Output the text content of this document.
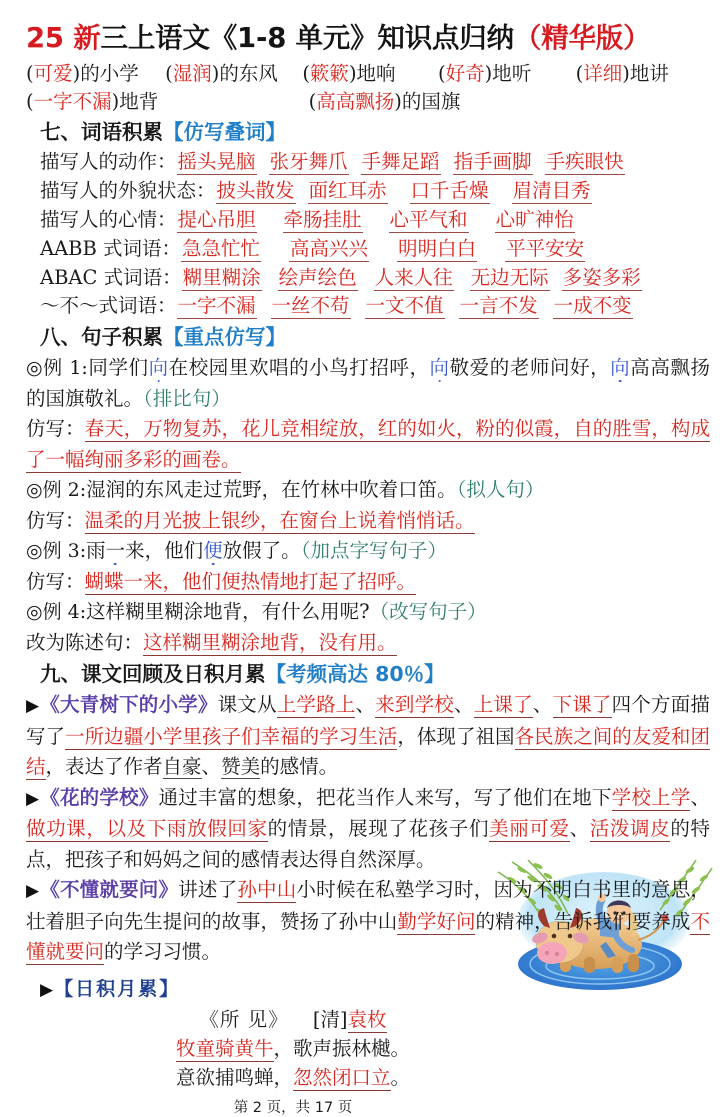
25 新三上语文《1-8 单元》知识点归纳（精华版）
(可爱)的小学 (湿润)的东风 (簌簌)地响 (好奇)地听 (详细)地讲
(一字不漏)地背	(高高飘扬)的国旗
七、词语积累【仿写叠词】
描写人的动作：摇头晃脑 张牙舞爪 手舞足蹈 指手画脚 手疾眼快
描写人的外貌状态：披头散发 面红耳赤 口千舌燥 眉清目秀
描写人的心情：提心吊胆 牵肠挂肚 心平气和 心旷神怡
AABB 式词语：急急忙忙 高高兴兴 明明白白 平平安安
ABAC 式词语：糊里糊涂 绘声绘色 人来人往 无边无际 多姿多彩
～不～式词语：一字不漏 一丝不苟 一文不值 一言不发 一成不变
八、句子积累【重点仿写】
◎例 1:同学们向在校园里欢唱的小鸟打招呼，向敬爱的老师问好，向高高飘扬的国旗敬礼。（排比句）
仿写：春天，万物复苏，花儿竞相绽放，红的如火，粉的似霞，自的胜雪，构成了一幅绚丽多彩的画卷。
◎例 2:湿润的东风走过荒野，在竹林中吹着口笛。（拟人句）
仿写：温柔的月光披上银纱，在窗台上说着悄悄话。
◎例 3:雨一来，他们便放假了。（加点字写句子）
仿写：蝴蝶一来，他们便热情地打起了招呼。
◎例 4:这样糊里糊涂地背，有什么用呢?（改写句子）
改为陈述句：这样糊里糊涂地背，没有用。
九、课文回顾及日积月累【考频高达 80％】
▶《大青树下的小学》课文从上学路上、来到学校、上课了、下课了四个方面描写了一所边疆小学里孩子们幸福的学习生活，体现了祖国各民族之间的友爱和团结，表达了作者自豪、赞美的感情。
▶《花的学校》通过丰富的想象，把花当作人来写，写了他们在地下学校上学、做功课，以及下雨放假回家的情景，展现了花孩子们美丽可爱、活泼调皮的特点，把孩子和妈妈之间的感情表达得自然深厚。
▶《不懂就要问》讲述了孙中山小时候在私塾学习时，因为不明白书里的意思，壮着胆子向先生提问的故事，赞扬了孙中山勤学好问的精神，告诉我们要养成不懂就要问的学习习惯。
▶【日积月累】
《所 见》 [清]袁枚
牧童骑黄牛，歌声振林樾。
意欲捕鸣蝉，忽然闭口立。
第 2 页，共 17 页
